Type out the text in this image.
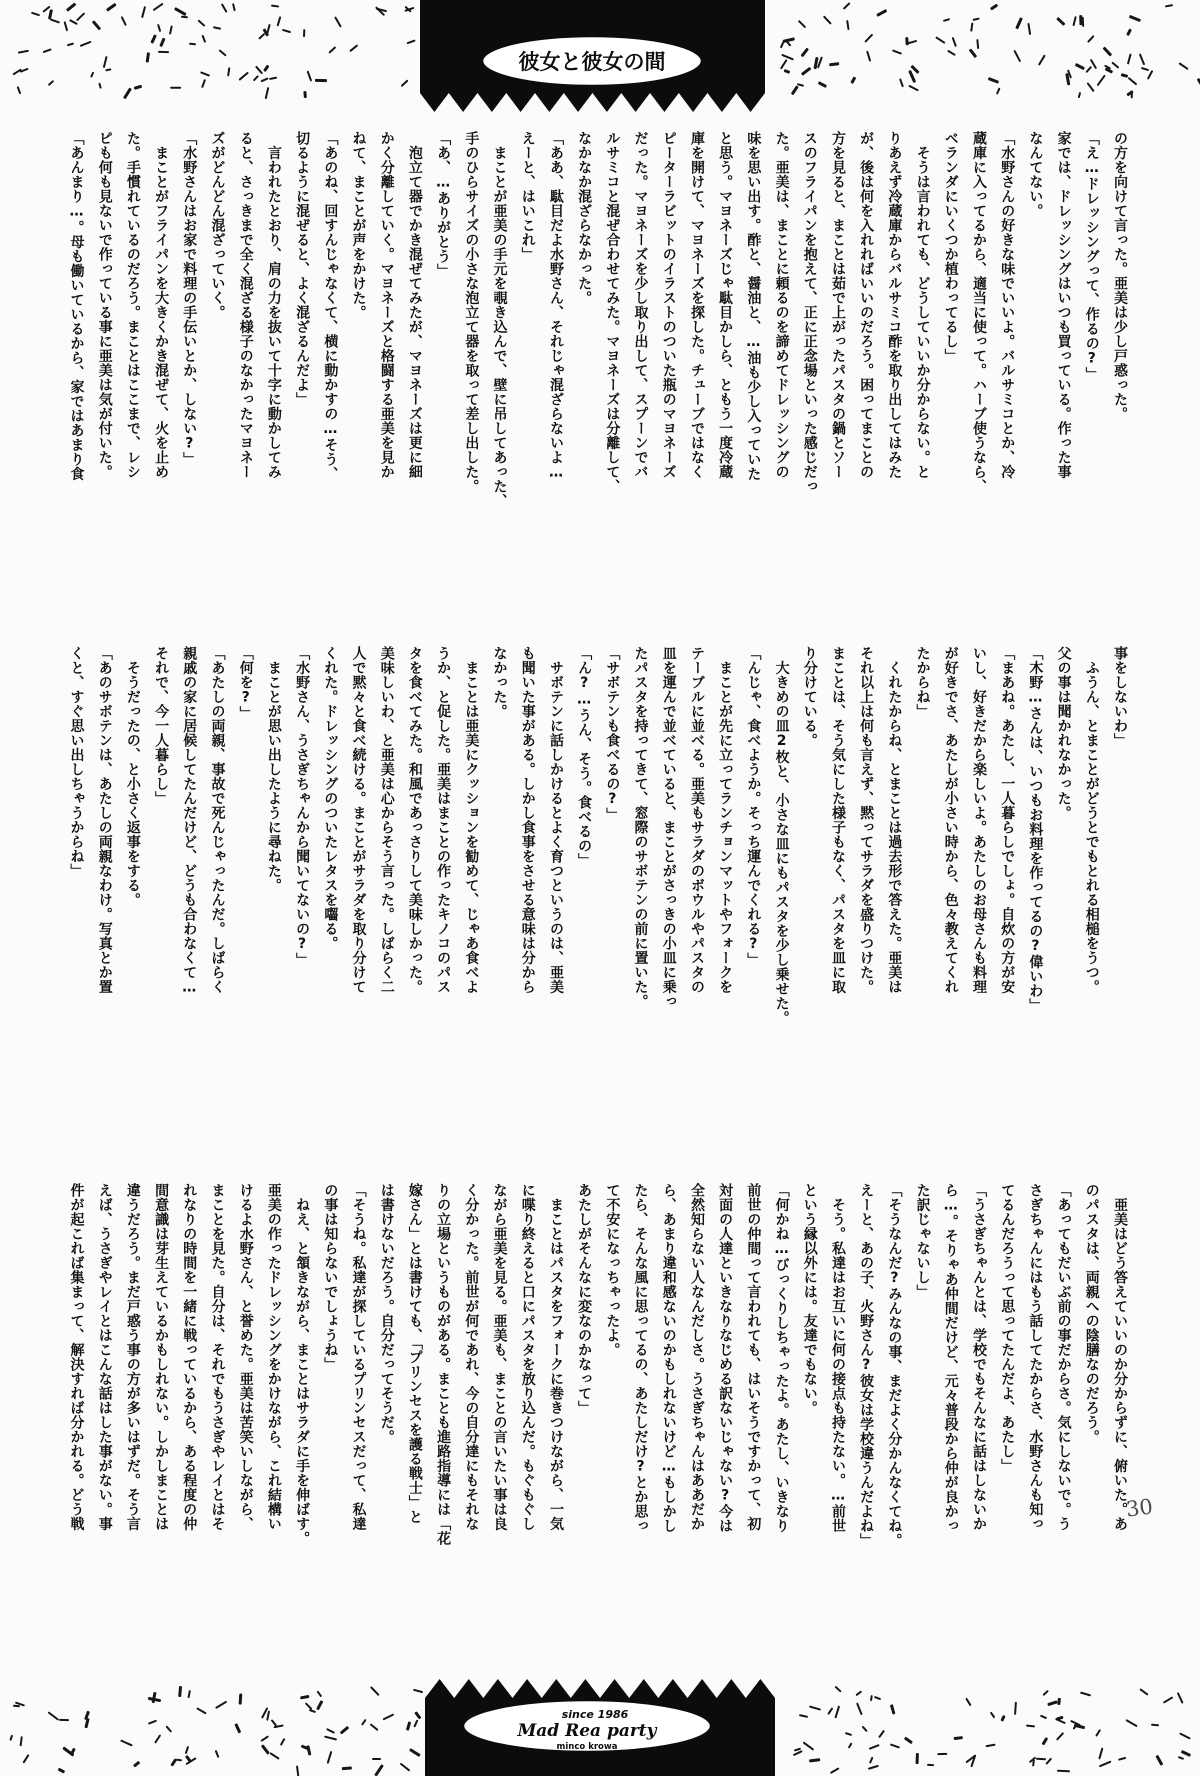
彼女と彼女の間
の方を向けて言った。亜美は少し戸惑った。
「え…ドレッシングって、作るの?」
家では、ドレッシングはいつも買っている。作った事
なんてない。
「水野さんの好きな味でいいよ。バルサミコとか、冷
蔵庫に入ってるから、適当に使って。ハーブ使うなら、
ベランダにいくつか植わってるし」
　そうは言われても、どうしていいか分からない。と
りあえず冷蔵庫からバルサミコ酢を取り出してはみた
が、後は何を入れればいいのだろう。困ってまことの
方を見ると、まことは茹で上がったパスタの鍋とソー
スのフライパンを抱えて、正に正念場といった感じだっ
た。亜美は、まことに頼るのを諦めてドレッシングの
味を思い出す。酢と、醤油と、…油も少し入っていた
と思う。マヨネーズじゃ駄目かしら、ともう一度冷蔵
庫を開けて、マヨネーズを探した。チューブではなく
ピーターラビットのイラストのついた瓶のマヨネーズ
だった。マヨネーズを少し取り出して、スプーンでバ
ルサミコと混ぜ合わせてみた。マヨネーズは分離して、
なかなか混ざらなかった。
「ああ、駄目だよ水野さん、それじゃ混ざらないよ…
えーと、はいこれ」
　まことが亜美の手元を覗き込んで、壁に吊してあった、
手のひらサイズの小さな泡立て器を取って差し出した。
「あ、…ありがとう」
　泡立て器でかき混ぜてみたが、マヨネーズは更に細
かく分離していく。マヨネーズと格闘する亜美を見か
ねて、まことが声をかけた。
「あのね、回すんじゃなくて、横に動かすの…そう、
切るように混ぜると、よく混ざるんだよ」
　言われたとおり、肩の力を抜いて十字に動かしてみ
ると、さっきまで全く混ざる様子のなかったマヨネー
ズがどんどん混ざっていく。
「水野さんはお家で料理の手伝いとか、しない?」
　まことがフライパンを大きくかき混ぜて、火を止め
た。手慣れているのだろう。まことはここまで、レシ
ピも何も見ないで作っている事に亜美は気が付いた。
「あんまり…。母も働いているから、家ではあまり食
事をしないわ」
　ふうん、とまことがどうとでもとれる相槌をうつ。
父の事は聞かれなかった。
「木野…さんは、いつもお料理を作ってるの?偉いわ」
「まあね。あたし、一人暮らしでしょ。自炊の方が安
いし、好きだから楽しいよ。あたしのお母さんも料理
が好きでさ、あたしが小さい時から、色々教えてくれ
たからね」
　くれたからね、とまことは過去形で答えた。亜美は
それ以上は何も言えず、黙ってサラダを盛りつけた。
まことは、そう気にした様子もなく、パスタを皿に取
り分けている。
　大きめの皿2枚と、小さな皿にもパスタを少し乗せた。
「んじゃ、食べようか。そっち運んでくれる?」
　まことが先に立ってランチョンマットやフォークを
テーブルに並べる。亜美もサラダのボウルやパスタの
皿を運んで並べていると、まことがさっきの小皿に乗っ
たパスタを持ってきて、窓際のサボテンの前に置いた。
「サボテンも食べるの?」
「ん?…うん、そう。食べるの」
　サボテンに話しかけるとよく育つというのは、亜美
も聞いた事がある。しかし食事をさせる意味は分から
なかった。
　まことは亜美にクッションを勧めて、じゃあ食べよ
うか、と促した。亜美はまことの作ったキノコのパス
タを食べてみた。和風であっさりして美味しかった。
美味しいわ、と亜美は心からそう言った。しばらく二
人で黙々と食べ続ける。まことがサラダを取り分けて
くれた。ドレッシングのついたレタスを囓る。
「水野さん、うさぎちゃんから聞いてないの?」
　まことが思い出したように尋ねた。
「何を?」
「あたしの両親、事故で死んじゃったんだ。しばらく
親戚の家に居候してたんだけど、どうも合わなくて…
それで、今一人暮らし」
　そうだったの、と小さく返事をする。
「あのサボテンは、あたしの両親なわけ。写真とか置
くと、すぐ思い出しちゃうからね」
　亜美はどう答えていいのか分からずに、俯いた。あ
のパスタは、両親への陰膳なのだろう。
「あってもだいぶ前の事だからさ。気にしないで。う
さぎちゃんにはもう話してたからさ、水野さんも知っ
てるんだろうって思ってたんだよ、あたし」
「うさぎちゃんとは、学校でもそんなに話はしないか
ら…。そりゃあ仲間だけど、元々普段から仲が良かっ
た訳じゃないし」
「そうなんだ?みんなの事、まだよく分かんなくてね。
えーと、あの子、火野さん?彼女は学校違うんだよね」
　そう。私達はお互いに何の接点も持たない。…前世
という縁以外には。友達でもない。
「何かね…びっくりしちゃったよ。あたし、いきなり
前世の仲間って言われても、はいそうですかって、初
対面の人達といきなりなじめる訳ないじゃない?今は
全然知らない人なんだしさ。うさぎちゃんはああだか
ら、あまり違和感ないのかもしれないけど…もしかし
たら、そんな風に思ってるの、あたしだけ?とか思っ
て不安になっちゃったよ。
あたしがそんなに変なのかなって」
　まことはパスタをフォークに巻きつけながら、一気
に喋り終えると口にパスタを放り込んだ。もぐもぐし
ながら亜美を見る。亜美も、まことの言いたい事は良
く分かった。前世が何であれ、今の自分達にもそれな
りの立場というものがある。まことも進路指導には「花
嫁さん」とは書けても、「プリンセスを護る戦士」と
は書けないだろう。自分だってそうだ。
「そうね。私達が探しているプリンセスだって、私達
の事は知らないでしょうね」
　ねえ、と頷きながら、まことはサラダに手を伸ばす。
亜美の作ったドレッシングをかけながら、これ結構い
けるよ水野さん、と誉めた。亜美は苦笑いしながら、
まことを見た。自分は、それでもうさぎやレイとはそ
れなりの時間を一緒に戦っているから、ある程度の仲
間意識は芽生えているかもしれない。しかしまことは
違うだろう。まだ戸惑う事の方が多いはずだ。そう言
えば、うさぎやレイとはこんな話はした事がない。事
件が起これば集まって、解決すれば分かれる。どう戦	30
since 1986
Mad Rea party
minco krowa
